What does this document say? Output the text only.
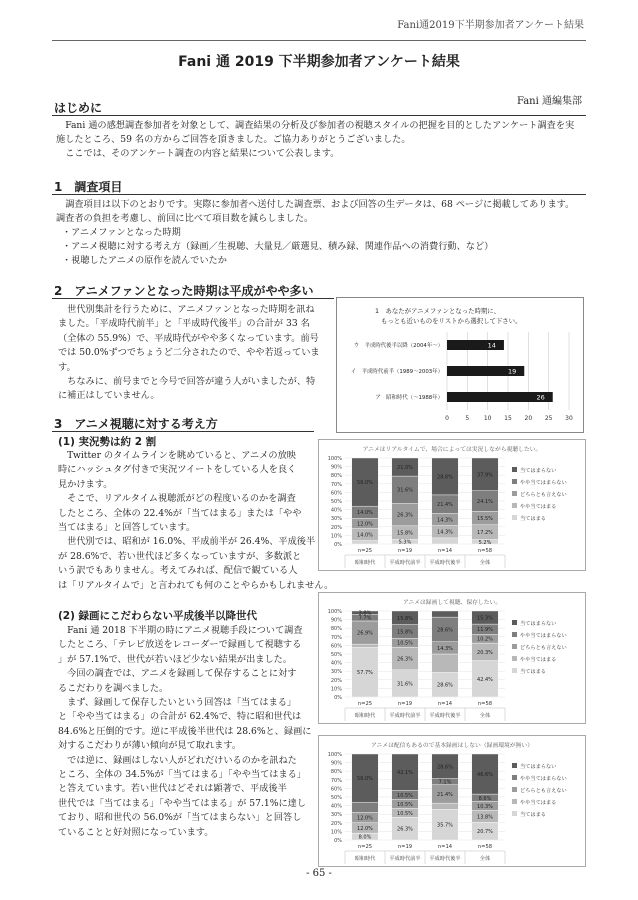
Fani通2019下半期参加者アンケート結果
Fani 通 2019 下半期参加者アンケート結果
Fani 通編集部
はじめに

Fani 通の感想調査参加者を対象として、調査結果の分析及び参加者の視聴スタイルの把握を目的としたアンケート調査を実

施したところ、59 名の方からご回答を頂きました。ご協力ありがとうございました。

ここでは、そのアンケート調査の内容と結果について公表します。

1　調査項目

調査項目は以下のとおりです。実際に参加者へ送付した調査票、および回答の生データは、68 ページに掲載してあります。

調査者の負担を考慮し、前回に比べて項目数を減らしました。

・アニメファンとなった時期
・アニメ視聴に対する考え方（録画／生視聴、大量見／厳選見、積み録、関連作品への消費行動、など）
・視聴したアニメの原作を読んでいたか
2　アニメファンとなった時期は平成がやや多い

　世代別集計を行うために、アニメファンとなった時期を訊ね

ました。「平成時代前半」と「平成時代後半」の合計が 33 名

（全体の 55.9%）で、平成時代がやや多くなっています。前号

では 50.0%ずつでちょうど二分されたので、やや若返っていま

す。

　ちなみに、前号までと今号で回答が違う人がいましたが、特

に補正はしていません。

1　あなたがアニメファンとなった時期に、
もっとも近いものをリストから選択して下さい。
0	5 10 15 20 25 30
14
ウ　平成時代後半以降（2004年～）
19
イ　平成時代前半（1989～2003年）
26
ア　昭和時代（～1988年）
3　アニメ視聴に対する考え方
(1) 実況勢は約 2 割

　Twitter のタイムラインを眺めていると、アニメの放映

時にハッシュタグ付きで実況ツイートをしている人を良く

見かけます。

　そこで、リアルタイム視聴派がどの程度いるのかを調査

したところ、全体の 22.4%が「当てはまる」または「やや

当てはまる」と回答しています。

　世代別では、昭和が 16.0%、平成前半が 26.4%、平成後半

が 28.6%で、若い世代ほど多くなっていますが、多数派と

いう訳でもありません。考えてみれば、配信で観ている人

は「リアルタイムで」と言われても何のことやらかもしれません。

(2) 録画にこだわらない平成後半以降世代

　Fani 通 2018 下半期の時にアニメ視聴手段について調査

したところ、「テレビ放送をレコーダーで録画して視聴する

」が 57.1%で、世代が若いほど少ない結果が出ました。

　今回の調査では、アニメを録画して保存することに対す

るこだわりを調べました。

　まず、録画して保存したいという回答は「当てはまる」

と「やや当てはまる」の合計が 62.4%で、特に昭和世代は

84.6%と圧倒的です。逆に平成後半世代は 28.6%と、録画に

対するこだわりが薄い傾向が見て取れます。

　では逆に、録画はしない人がどれだけいるのかを訊ねた

ところ、全体の 34.5%が「当てはまる」「やや当てはまる」

と答えています。若い世代はどそれは顕著で、平成後半

世代では「当てはまる」「やや当てはまる」が 57.1%に達し

ており、昭和世代の 56.0%が「当てはまらない」と回答し

ていることと好対照になっています。

アニメはリアルタイムで、場合によっては実況しながら視聴したい。
0%
10%
20%
30%
40%
50%
60%
70%
80%
90%
100%
14.0%
12.0%
14.0%
56.0%
n=25
昭和時代
5.3%
15.8%
26.3%
31.6%
21.0%
n=19
平成時代前半
14.3%
14.3%
21.4%
28.6%
n=14
平成時代後半
5.2%
17.2%
15.5%
24.1%
37.9%
n=58
全体
当てはまらない
やや当てはまらない
どちらとも言えない
やや当てはまる
当てはまる
アニメは録画して視聴、保存したい。
0%
10%
20%
30%
40%
50%
60%
70%
80%
90%
100%
57.7%
26.9%
7.7%
3.8%
n=25
昭和時代
31.6%
26.3%
10.5%
15.8%
15.8%
n=19
平成時代前半
28.6%
14.3%
28.6%
n=14
平成時代後半
42.4%
20.3%
10.2%
11.9%
15.3%
n=58
全体
当てはまらない
やや当てはまらない
どちらとも言えない
やや当てはまる
当てはまる
アニメは配信もあるので基本録画はしない（録画環境が無い）
0%
10%
20%
30%
40%
50%
60%
70%
80%
90%
100%
8.0%
12.0%
12.0%
56.0%
n=25
昭和時代
26.3%
10.5%
10.5%
10.5%
42.1%
n=19
平成時代前半
35.7%
21.4%
7.1%
28.6%
n=14
平成時代後半
20.7%
13.8%
10.3%
8.6%
46.6%
n=58
全体
当てはまらない
やや当てはまらない
どちらとも言えない
やや当てはまる
当てはまる
- 65 -
